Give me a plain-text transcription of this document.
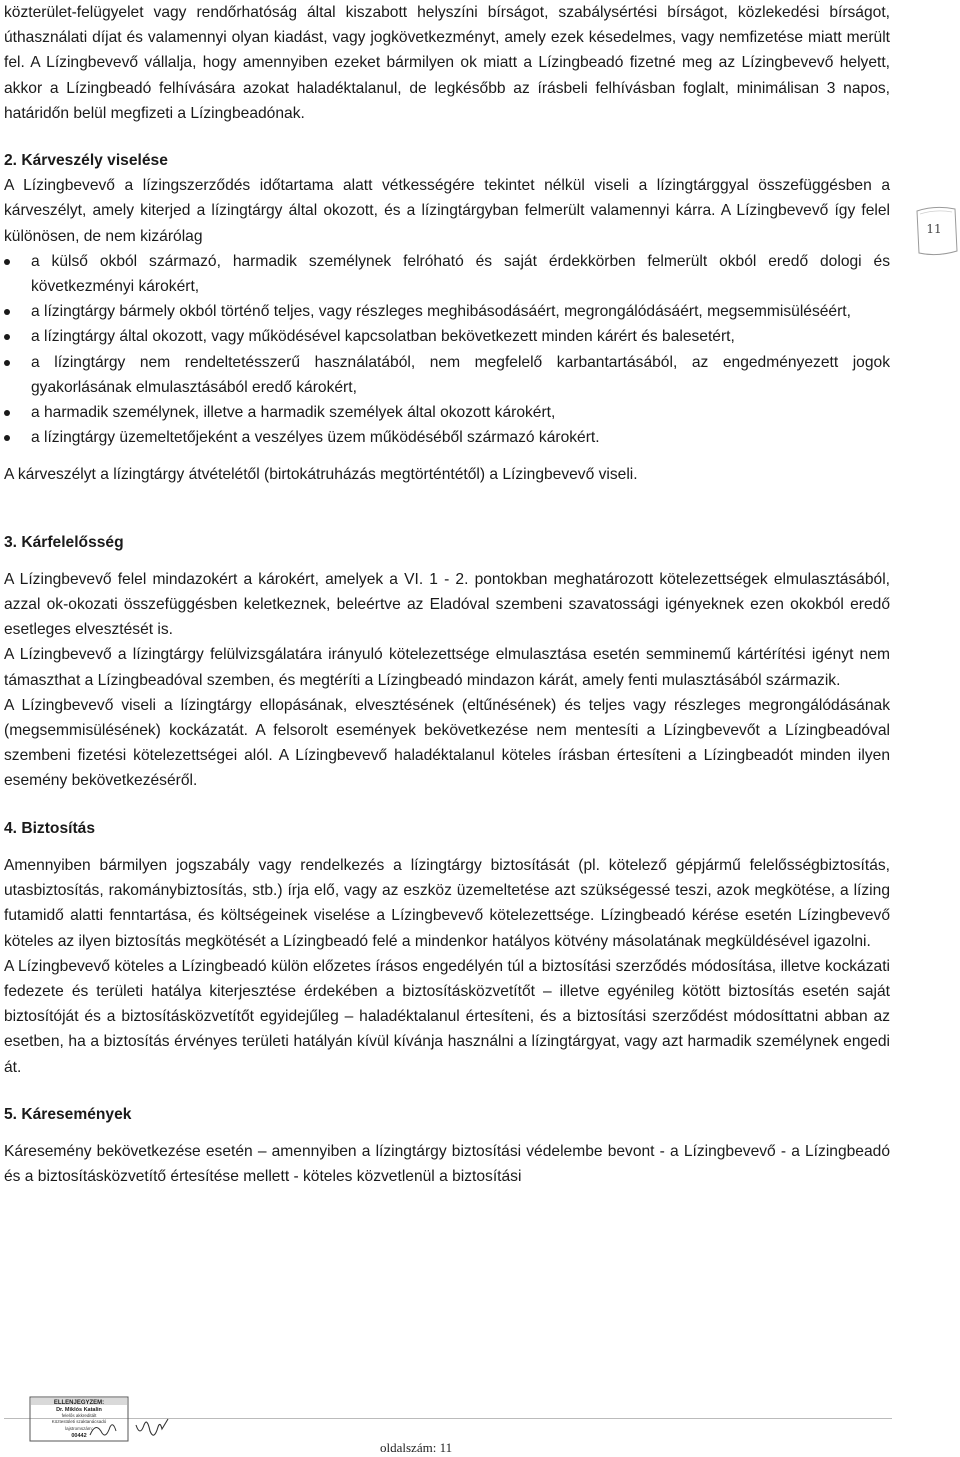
közterület-felügyelet vagy rendőrhatóság által kiszabott helyszíni bírságot, szabálysértési bírságot, közlekedési bírságot, úthasználati díjat és valamennyi olyan kiadást, vagy jogkövetkezményt, amely ezek késedelmes, vagy nemfizetése miatt merült fel. A Lízingbevevő vállalja, hogy amennyiben ezeket bármilyen ok miatt a Lízingbeadó fizetné meg az Lízingbevevő helyett, akkor a Lízingbeadó felhívására azokat haladéktalanul, de legkésőbb az írásbeli felhívásban foglalt, minimálisan 3 napos, határidőn belül megfizeti a Lízingbeadónak.

2. Kárveszély viselése

A Lízingbevevő a lízingszerződés időtartama alatt vétkességére tekintet nélkül viseli a lízingtárggyal összefüggésben a kárveszélyt, amely kiterjed a lízingtárgy által okozott, és a lízingtárgyban felmerült valamennyi kárra. A Lízingbevevő így felel különösen, de nem kizárólag

a külső okból származó, harmadik személynek felróható és saját érdekkörben felmerült okból eredő dologi és következményi károkért,
a lízingtárgy bármely okból történő teljes, vagy részleges meghibásodásáért, megrongálódásáért, megsemmisüléséért,
a lízingtárgy által okozott, vagy működésével kapcsolatban bekövetkezett minden kárért és balesetért,
a lízingtárgy nem rendeltetésszerű használatából, nem megfelelő karbantartásából, az engedményezett jogok gyakorlásának elmulasztásából eredő károkért,
a harmadik személynek, illetve a harmadik személyek által okozott károkért,
a lízingtárgy üzemeltetőjeként a veszélyes üzem működéséből származó károkért.

A kárveszélyt a lízingtárgy átvételétől (birtokátruházás megtörténtétől) a Lízingbevevő viseli.

3. Kárfelelősség

A Lízingbevevő felel mindazokért a károkért, amelyek a VI. 1 - 2. pontokban meghatározott kötelezettségek elmulasztásából, azzal ok-okozati összefüggésben keletkeznek, beleértve az Eladóval szembeni szavatossági igényeknek ezen okokból eredő esetleges elvesztését is.

A Lízingbevevő a lízingtárgy felülvizsgálatára irányuló kötelezettsége elmulasztása esetén semminemű kártérítési igényt nem támaszthat a Lízingbeadóval szemben, és megtéríti a Lízingbeadó mindazon kárát, amely fenti mulasztásából származik.

A Lízingbevevő viseli a lízingtárgy ellopásának, elvesztésének (eltűnésének) és teljes vagy részleges megrongálódásának (megsemmisülésének) kockázatát. A felsorolt események bekövetkezése nem mentesíti a Lízingbevevőt a Lízingbeadóval szembeni fizetési kötelezettségei alól. A Lízingbevevő haladéktalanul köteles írásban értesíteni a Lízingbeadót minden ilyen esemény bekövetkezéséről.

4. Biztosítás

Amennyiben bármilyen jogszabály vagy rendelkezés a lízingtárgy biztosítását (pl. kötelező gépjármű felelősségbiztosítás, utasbiztosítás, rakománybiztosítás, stb.) írja elő, vagy az eszköz üzemeltetése azt szükségessé teszi, azok megkötése, a lízing futamidő alatti fenntartása, és költségeinek viselése a Lízingbevevő kötelezettsége. Lízingbeadó kérése esetén Lízingbevevő köteles az ilyen biztosítás megkötését a Lízingbeadó felé a mindenkor hatályos kötvény másolatának megküldésével igazolni.

A Lízingbevevő köteles a Lízingbeadó külön előzetes írásos engedélyén túl a biztosítási szerződés módosítása, illetve kockázati fedezete és területi hatálya kiterjesztése érdekében a biztosításközvetítőt – illetve egyénileg kötött biztosítás esetén saját biztosítóját és a biztosításközvetítőt egyidejűleg – haladéktalanul értesíteni, és a biztosítási szerződést módosíttatni abban az esetben, ha a biztosítás érvényes területi hatályán kívül kívánja használni a lízingtárgyat, vagy azt harmadik személynek engedi át.

5. Káresemények

Káresemény bekövetkezése esetén – amennyiben a lízingtárgy biztosítási védelembe bevont - a Lízingbevevő - a Lízingbeadó és a biztosításközvetítő értesítése mellett - köteles közvetlenül a biztosítási

11
ELLENJEGYZEM:
Dr. Miklós Katalin
felelős akkreditált
Köztestületi szaktanácsadó
lajstromszám:
00442
oldalszám: 11
